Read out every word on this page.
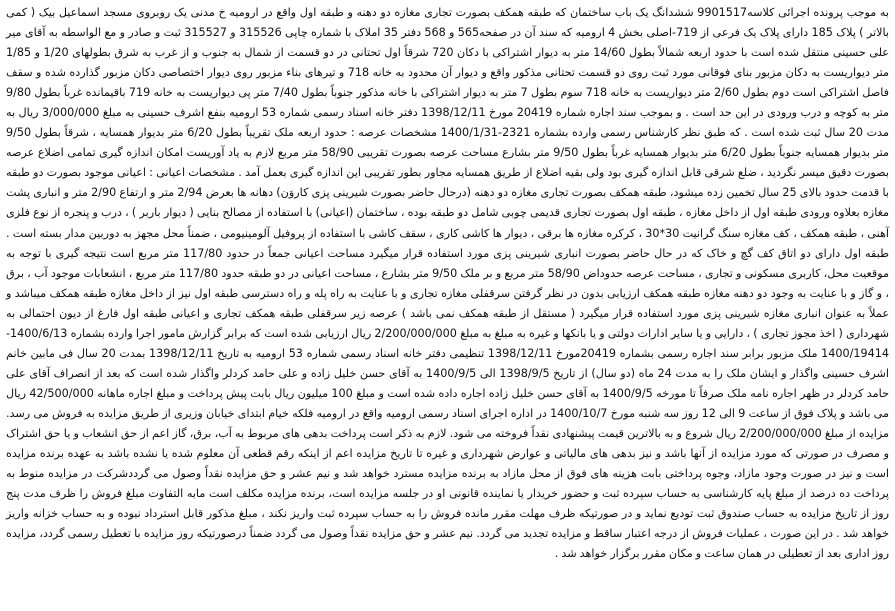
به موجب پرونده اجرائی کلاسه9901517 ششدانگ یک باب ساختمان که طبقه همکف بصورت تجاری مغازه دو دهنه و طبقه اول واقع در ارومیه خ مدنی یک روبروی مسجد اسماعیل بیک ( کمی بالاتر ) پلاک 185 دارای پلاک یک فرعی از 719-اصلی بخش 4 ارومیه که سند آن در صفحه565 و 568 دفتر 35 املاک با شماره چاپی 315526 و 315527 ثبت و صادر و مع الواسطه به آقای میر علی حسینی منتقل شده است با حدود اربعه شمالاً بطول 14/60 متر به دیوار اشتراکی با دکان 720 شرقاً اول تحتانی در دو قسمت از شمال به جنوب و از غرب به شرق بطولهای 1/20 و 1/85 متر دیواریست به دکان مزبور بنای فوقانی مورد ثبت روی دو قسمت تحتانی مذکور واقع و دیوار آن محدود به خانه 718 و تیرهای بناء مزبور روی دیوار اختصاصی دکان مزبور گذارده شده و سقف فاصل اشتراکی است دوم بطول 2/60 متر دیواریست به خانه 718 سوم بطول 7 متر به دیوار اشتراکی با خانه مذکور جنوباً بطول 7/40 متر پی دیواریست به خانه 719 باقیمانده غرباً بطول 9/80 متر به کوچه و درب ورودی در این حد است . و بموجب سند اجاره شماره 20419 مورخ 1398/12/11 دفتر خانه اسناد رسمی شماره 53 ارومیه بنفع اشرف حسینی به مبلغ 3/000/000 ریال به مدت 20 سال ثبت شده است . که طبق نظر کارشناس رسمی وارده بشماره 2321-1400/1/31 مشخصات عرصه : حدود اربعه ملک تقریباً بطول 6/20 متر بدیوار همسایه ، شرقاً بطول 9/50 متر بدیوار همسایه جنوباً بطول 6/20 متر بدیوار همسایه غرباً بطول 9/50 متر بشارع مساحت عرصه بصورت تقریبی 58/90 متر مربع لازم به یاد آوریست امکان اندازه گیری تمامی اضلاع عرصه بصورت دقیق میسر نگردید ، ضلع شرقی قابل اندازه گیری بود ولی بقیه اضلاع از طریق همسایه مجاور بطور تقریبی این اندازه گیری بعمل آمد . مشخصات اعیانی : اعیانی موجود بصورت دو طبقه با قدمت حدود بالای 25 سال تخمین زده میشود، طبقه همکف بصورت تجاری مغازه دو دهنه (درحال حاضر بصورت شیرینی پزی کاروَن) دهانه ها بعرض 2/94 متر و ارتفاع 2/90 متر و انباری پشت مغازه بعلاوه ورودی طبقه اول از داخل مغازه ، طبقه اول بصورت تجاری قدیمی چوبی شامل دو طبقه بوده ، ساختمان (اعیانی) با استفاده از مصالح بنایی ( دیوار باربر ) ، درب و پنجره از نوع فلزی آهنی ، طبقه همکف ، کف مغازه سنگ گرانیت 30*30 ، کرکره مغازه ها برقی ، دیوار ها کاشی کاری ، سقف کاشی با استفاده از پروفیل آلومینیومی ، ضمناً محل مجهز به دوربین مدار بسته است . طبقه اول دارای دو اتاق کف گچ و خاک که در حال حاضر بصورت انباری شیرینی پزی مورد استفاده قرار میگیرد مساحت اعیانی جمعاً در حدود 117/80 متر مربع است نتیجه گیری با توجه به موقعیت محل، کاربری مسکونی و تجاری ، مساحت عرصه حدوداض 58/90 متر مربع و بر ملک 9/50 متر بشارع ، مساحت اعیانی در دو طبقه حدود 117/80 متر مربع ، انشعابات موجود آب ، برق ، و گاز و با عنایت به وجود دو دهنه مغازه طبقه همکف ارزیابی بدون در نظر گرفتن سرقفلی مغازه تجاری و با عنایت به راه پله و راه دسترسی طبقه اول نیز از داخل مغازه طبقه همکف میباشد و عملاً به عنوان انباری مغازه شیرینی پزی مورد استفاده قرار میگیرد ( مستقل از طبقه همکف نمی باشد ) عرصه زیر سرقفلی طبقه همکف تجاری و اعیانی طبقه اول فارغ از دیون احتمالی به شهرداری ( اخذ مجوز تجاری ) ، دارایی و یا سایر ادارات دولتی و یا بانکها و غیره به مبلغ به مبلغ 2/200/000/000 ریال ارزیابی شده است که برابر گزارش مامور اجرا وارده بشماره 1400/6/13-1400/19414 ملک مزبور برابر سند اجاره رسمی بشماره 20419مورخ 1398/12/11 تنظیمی دفتر خانه اسناد رسمی شماره 53 ارومیه به تاریخ 1398/12/11 بمدت 20 سال فی مابین خانم اشرف حسینی واگذار و ایشان ملک را به مدت 24 ماه (دو سال) از تاریخ 1398/9/5 الی 1400/9/5 به آقای حسن خلیل زاده و علی حامد کردلر واگذار شده است که بعد از انصراف آقای علی حامد کردلر در ظهر اجاره نامه ملک صرفاً تا مورخه 1400/9/5 به آقای حسن خلیل زاده اجاره داده شده است و مبلغ 100 میلیون ریال بابت پیش پرداخت و مبلغ اجاره ماهانه 42/500/000 ریال می باشد و پلاک فوق از ساعت 9 الی 12 روز سه شنبه مورخ 1400/10/7 در اداره اجرای اسناد رسمی ارومیه واقع در ارومیه فلکه خیام ابتدای خیابان وزیری از طریق مزایده به فروش می رسد. مزایده از مبلغ 2/200/000/000 ریال شروع و به بالاترین قیمت پیشنهادی نقداً فروخته می شود. لازم به ذکر است پرداخت بدهی های مربوط به آب، برق، گاز اعم از حق انشعاب و یا حق اشتراک و مصرف در صورتی که مورد مزایده از آنها باشد و نیز بدهی های مالیاتی و عوارض شهرداری و غیره تا تاریخ مزایده اعم از اینکه رقم قطعی آن معلوم شده یا نشده باشد به عهده برنده مزایده است و نیز در صورت وجود مازاد، وجوه پرداختی بابت هزینه های فوق از محل مازاد به برنده مزایده مسترد خواهد شد و نیم عشر و حق مزایده نقداً وصول می گرددشرکت در مزایده منوط به پرداخت ده درصد از مبلغ پایه کارشناسی به حساب سپرده ثبت و حضور خریدار یا نماینده قانونی او در جلسه مزایده است، برنده مزایده مکلف است مابه التفاوت مبلغ فروش را ظرف مدت پنج روز از تاریخ مزایده به حساب صندوق ثبت تودیع نماید و در صورتیکه ظرف مهلت مقرر مانده فروش را به حساب سپرده ثبت واریز نکند ، مبلغ مذکور قابل استرداد نبوده و به حساب خزانه واریز خواهد شد . در این صورت ، عملیات فروش از درجه اعتبار ساقط و مزایده تجدید می گردد. نیم عشر و حق مزایده نقداً وصول می گردد ضمناً درصورتیکه روز مزایده با تعطیل رسمی گردد، مزایده روز اداری بعد از تعطیلی در همان ساعت و مکان مقرر برگزار خواهد شد .
